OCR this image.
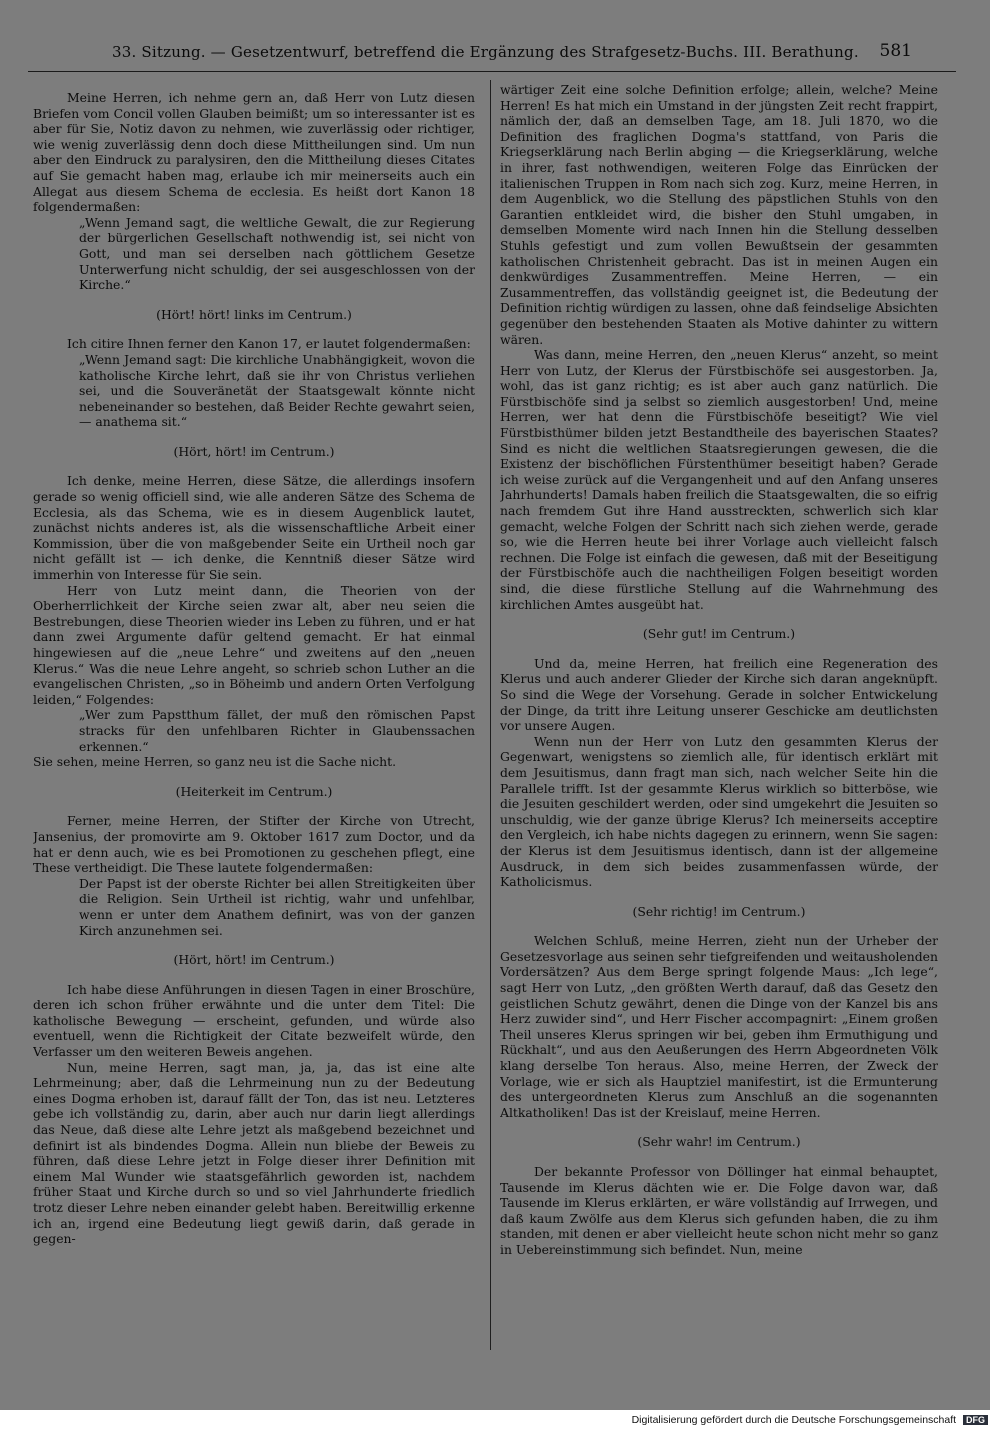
33. Sitzung. — Gesetzentwurf, betreffend die Ergänzung des Strafgesetz-Buchs. III. Berathung. 581

Meine Herren, ich nehme gern an, daß Herr von Lutz diesen Briefen vom Concil vollen Glauben beimißt; um so interessanter ist es aber für Sie, Notiz davon zu nehmen, wie zuverlässig oder richtiger, wie wenig zuverlässig denn doch diese Mittheilungen sind. Um nun aber den Eindruck zu paralysiren, den die Mittheilung dieses Citates auf Sie gemacht haben mag, erlaube ich mir meinerseits auch ein Allegat aus diesem Schema de ecclesia. Es heißt dort Kanon 18 folgendermaßen:

„Wenn Jemand sagt, die weltliche Gewalt, die zur Regierung der bürgerlichen Gesellschaft nothwendig ist, sei nicht von Gott, und man sei derselben nach göttlichem Gesetze Unterwerfung nicht schuldig, der sei ausgeschlossen von der Kirche.“

(Hört! hört! links im Centrum.)

Ich citire Ihnen ferner den Kanon 17, er lautet folgendermaßen:

„Wenn Jemand sagt: Die kirchliche Unabhängigkeit, wovon die katholische Kirche lehrt, daß sie ihr von Christus verliehen sei, und die Souveränetät der Staatsgewalt könnte nicht nebeneinander so bestehen, daß Beider Rechte gewahrt seien, — anathema sit.“

(Hört, hört! im Centrum.)

Ich denke, meine Herren, diese Sätze, die allerdings insofern gerade so wenig officiell sind, wie alle anderen Sätze des Schema de Ecclesia, als das Schema, wie es in diesem Augenblick lautet, zunächst nichts anderes ist, als die wissenschaftliche Arbeit einer Kommission, über die von maßgebender Seite ein Urtheil noch gar nicht gefällt ist — ich denke, die Kenntniß dieser Sätze wird immerhin von Interesse für Sie sein.

Herr von Lutz meint dann, die Theorien von der Oberherrlichkeit der Kirche seien zwar alt, aber neu seien die Bestrebungen, diese Theorien wieder ins Leben zu führen, und er hat dann zwei Argumente dafür geltend gemacht. Er hat einmal hingewiesen auf die „neue Lehre“ und zweitens auf den „neuen Klerus.“ Was die neue Lehre angeht, so schrieb schon Luther an die evangelischen Christen, „so in Böheimb und andern Orten Verfolgung leiden,“ Folgendes:

„Wer zum Papstthum fället, der muß den römischen Papst stracks für den unfehlbaren Richter in Glaubenssachen erkennen.“

Sie sehen, meine Herren, so ganz neu ist die Sache nicht.

(Heiterkeit im Centrum.)

Ferner, meine Herren, der Stifter der Kirche von Utrecht, Jansenius, der promovirte am 9. Oktober 1617 zum Doctor, und da hat er denn auch, wie es bei Promotionen zu geschehen pflegt, eine These vertheidigt. Die These lautete folgendermaßen:

Der Papst ist der oberste Richter bei allen Streitigkeiten über die Religion. Sein Urtheil ist richtig, wahr und unfehlbar, wenn er unter dem Anathem definirt, was von der ganzen Kirch anzunehmen sei.

(Hört, hört! im Centrum.)

Ich habe diese Anführungen in diesen Tagen in einer Broschüre, deren ich schon früher erwähnte und die unter dem Titel: Die katholische Bewegung — erscheint, gefunden, und würde also eventuell, wenn die Richtigkeit der Citate bezweifelt würde, den Verfasser um den weiteren Beweis angehen.

Nun, meine Herren, sagt man, ja, ja, das ist eine alte Lehrmeinung; aber, daß die Lehrmeinung nun zu der Bedeutung eines Dogma erhoben ist, darauf fällt der Ton, das ist neu. Letzteres gebe ich vollständig zu, darin, aber auch nur darin liegt allerdings das Neue, daß diese alte Lehre jetzt als maßgebend bezeichnet und definirt ist als bindendes Dogma. Allein nun bliebe der Beweis zu führen, daß diese Lehre jetzt in Folge dieser ihrer Definition mit einem Mal Wunder wie staatsgefährlich geworden ist, nachdem früher Staat und Kirche durch so und so viel Jahrhunderte friedlich trotz dieser Lehre neben einander gelebt haben. Bereitwillig erkenne ich an, irgend eine Bedeutung liegt gewiß darin, daß gerade in gegen-

wärtiger Zeit eine solche Definition erfolge; allein, welche? Meine Herren! Es hat mich ein Umstand in der jüngsten Zeit recht frappirt, nämlich der, daß an demselben Tage, am 18. Juli 1870, wo die Definition des fraglichen Dogma's stattfand, von Paris die Kriegserklärung nach Berlin abging — die Kriegserklärung, welche in ihrer, fast nothwendigen, weiteren Folge das Einrücken der italienischen Truppen in Rom nach sich zog. Kurz, meine Herren, in dem Augenblick, wo die Stellung des päpstlichen Stuhls von den Garantien entkleidet wird, die bisher den Stuhl umgaben, in demselben Momente wird nach Innen hin die Stellung desselben Stuhls gefestigt und zum vollen Bewußtsein der gesammten katholischen Christenheit gebracht. Das ist in meinen Augen ein denkwürdiges Zusammentreffen. Meine Herren, — ein Zusammentreffen, das vollständig geeignet ist, die Bedeutung der Definition richtig würdigen zu lassen, ohne daß feindselige Absichten gegenüber den bestehenden Staaten als Motive dahinter zu wittern wären.

Was dann, meine Herren, den „neuen Klerus“ anzeht, so meint Herr von Lutz, der Klerus der Fürstbischöfe sei ausgestorben. Ja, wohl, das ist ganz richtig; es ist aber auch ganz natürlich. Die Fürstbischöfe sind ja selbst so ziemlich ausgestorben! Und, meine Herren, wer hat denn die Fürstbischöfe beseitigt? Wie viel Fürstbisthümer bilden jetzt Bestandtheile des bayerischen Staates? Sind es nicht die weltlichen Staatsregierungen gewesen, die die Existenz der bischöflichen Fürstenthümer beseitigt haben? Gerade ich weise zurück auf die Vergangenheit und auf den Anfang unseres Jahrhunderts! Damals haben freilich die Staatsgewalten, die so eifrig nach fremdem Gut ihre Hand ausstreckten, schwerlich sich klar gemacht, welche Folgen der Schritt nach sich ziehen werde, gerade so, wie die Herren heute bei ihrer Vorlage auch vielleicht falsch rechnen. Die Folge ist einfach die gewesen, daß mit der Beseitigung der Fürstbischöfe auch die nachtheiligen Folgen beseitigt worden sind, die diese fürstliche Stellung auf die Wahrnehmung des kirchlichen Amtes ausgeübt hat.

(Sehr gut! im Centrum.)

Und da, meine Herren, hat freilich eine Regeneration des Klerus und auch anderer Glieder der Kirche sich daran angeknüpft. So sind die Wege der Vorsehung. Gerade in solcher Entwickelung der Dinge, da tritt ihre Leitung unserer Geschicke am deutlichsten vor unsere Augen.

Wenn nun der Herr von Lutz den gesammten Klerus der Gegenwart, wenigstens so ziemlich alle, für identisch erklärt mit dem Jesuitismus, dann fragt man sich, nach welcher Seite hin die Parallele trifft. Ist der gesammte Klerus wirklich so bitterböse, wie die Jesuiten geschildert werden, oder sind umgekehrt die Jesuiten so unschuldig, wie der ganze übrige Klerus? Ich meinerseits acceptire den Vergleich, ich habe nichts dagegen zu erinnern, wenn Sie sagen: der Klerus ist dem Jesuitismus identisch, dann ist der allgemeine Ausdruck, in dem sich beides zusammenfassen würde, der Katholicismus.

(Sehr richtig! im Centrum.)

Welchen Schluß, meine Herren, zieht nun der Urheber der Gesetzesvorlage aus seinen sehr tiefgreifenden und weitausholenden Vordersätzen? Aus dem Berge springt folgende Maus: „Ich lege“, sagt Herr von Lutz, „den größten Werth darauf, daß das Gesetz den geistlichen Schutz gewährt, denen die Dinge von der Kanzel bis ans Herz zuwider sind“, und Herr Fischer accompagnirt: „Einem großen Theil unseres Klerus springen wir bei, geben ihm Ermuthigung und Rückhalt“, und aus den Aeußerungen des Herrn Abgeordneten Völk klang derselbe Ton heraus. Also, meine Herren, der Zweck der Vorlage, wie er sich als Hauptziel manifestirt, ist die Ermunterung des untergeordneten Klerus zum Anschluß an die sogenannten Altkatholiken! Das ist der Kreislauf, meine Herren.

(Sehr wahr! im Centrum.)

Der bekannte Professor von Döllinger hat einmal behauptet, Tausende im Klerus dächten wie er. Die Folge davon war, daß Tausende im Klerus erklärten, er wäre vollständig auf Irrwegen, und daß kaum Zwölfe aus dem Klerus sich gefunden haben, die zu ihm standen, mit denen er aber vielleicht heute schon nicht mehr so ganz in Uebereinstimmung sich befindet. Nun, meine

Digitalisierung gefördert durch die Deutsche Forschungsgemeinschaft DFG
